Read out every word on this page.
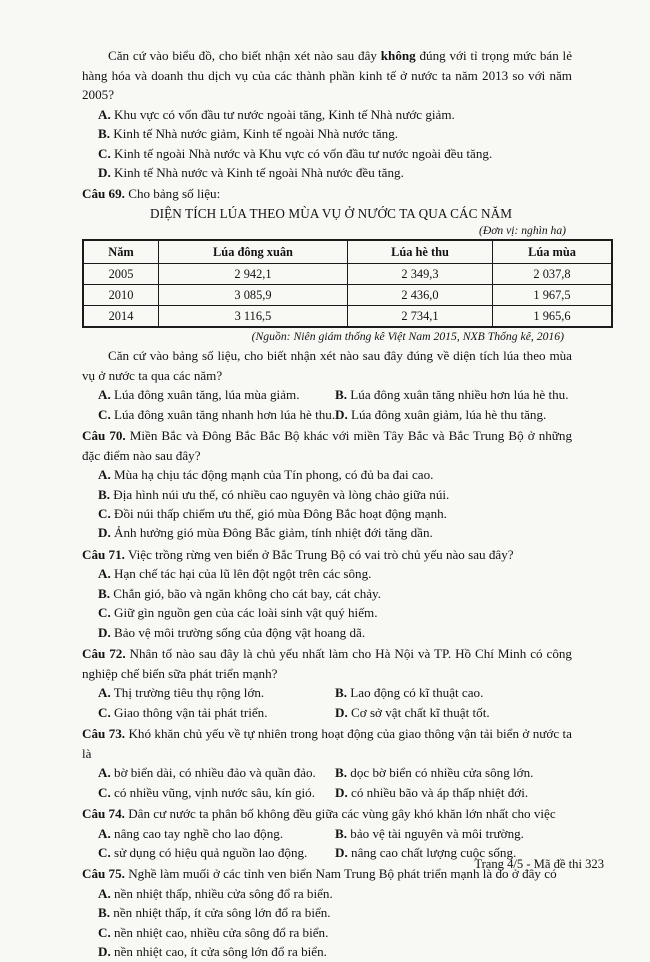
Căn cứ vào biểu đồ, cho biết nhận xét nào sau đây không đúng với tỉ trọng mức bán lẻ hàng hóa và doanh thu dịch vụ của các thành phần kinh tế ở nước ta năm 2013 so với năm 2005?

A. Khu vực có vốn đầu tư nước ngoài tăng, Kinh tế Nhà nước giảm.

B. Kinh tế Nhà nước giảm, Kinh tế ngoài Nhà nước tăng.

C. Kinh tế ngoài Nhà nước và Khu vực có vốn đầu tư nước ngoài đều tăng.

D. Kinh tế Nhà nước và Kinh tế ngoài Nhà nước đều tăng.

Câu 69. Cho bảng số liệu:

DIỆN TÍCH LÚA THEO MÙA VỤ Ở NƯỚC TA QUA CÁC NĂM

(Đơn vị: nghìn ha)

Năm	Lúa đông xuân	Lúa hè thu	Lúa mùa
2005	2 942,1	2 349,3	2 037,8
2010	3 085,9	2 436,0	1 967,5
2014	3 116,5	2 734,1	1 965,6

(Nguồn: Niên giám thống kê Việt Nam 2015, NXB Thống kê, 2016)

Căn cứ vào bảng số liệu, cho biết nhận xét nào sau đây đúng về diện tích lúa theo mùa vụ ở nước ta qua các năm?

A. Lúa đông xuân tăng, lúa mùa giảm.	B. Lúa đông xuân tăng nhiều hơn lúa hè thu.

C. Lúa đông xuân tăng nhanh hơn lúa hè thu. D. Lúa đông xuân giảm, lúa hè thu tăng.

Câu 70. Miền Bắc và Đông Bắc Bắc Bộ khác với miền Tây Bắc và Bắc Trung Bộ ở những đặc điểm nào sau đây?

A. Mùa hạ chịu tác động mạnh của Tín phong, có đủ ba đai cao.

B. Địa hình núi ưu thế, có nhiều cao nguyên và lòng chảo giữa núi.

C. Đồi núi thấp chiếm ưu thế, gió mùa Đông Bắc hoạt động mạnh.

D. Ảnh hưởng gió mùa Đông Bắc giảm, tính nhiệt đới tăng dần.

Câu 71. Việc trồng rừng ven biển ở Bắc Trung Bộ có vai trò chủ yếu nào sau đây?

A. Hạn chế tác hại của lũ lên đột ngột trên các sông.

B. Chắn gió, bão và ngăn không cho cát bay, cát chảy.

C. Giữ gìn nguồn gen của các loài sinh vật quý hiếm.

D. Bảo vệ môi trường sống của động vật hoang dã.

Câu 72. Nhân tố nào sau đây là chủ yếu nhất làm cho Hà Nội và TP. Hồ Chí Minh có công nghiệp chế biến sữa phát triển mạnh?

A. Thị trường tiêu thụ rộng lớn.	B. Lao động có kĩ thuật cao.

C. Giao thông vận tải phát triển.	D. Cơ sở vật chất kĩ thuật tốt.

Câu 73. Khó khăn chủ yếu về tự nhiên trong hoạt động của giao thông vận tải biển ở nước ta là

A. bờ biển dài, có nhiều đảo và quần đảo.	B. dọc bờ biển có nhiều cửa sông lớn.

C. có nhiều vũng, vịnh nước sâu, kín gió.	D. có nhiều bão và áp thấp nhiệt đới.

Câu 74. Dân cư nước ta phân bố không đều giữa các vùng gây khó khăn lớn nhất cho việc

A. nâng cao tay nghề cho lao động.	B. bảo vệ tài nguyên và môi trường.

C. sử dụng có hiệu quả nguồn lao động.	D. nâng cao chất lượng cuộc sống.

Câu 75. Nghề làm muối ở các tỉnh ven biển Nam Trung Bộ phát triển mạnh là do ở đây có

A. nền nhiệt thấp, nhiều cửa sông đổ ra biển.

B. nền nhiệt thấp, ít cửa sông lớn đổ ra biển.

C. nền nhiệt cao, nhiều cửa sông đổ ra biển.

D. nền nhiệt cao, ít cửa sông lớn đổ ra biển.

Trang 4/5 - Mã đề thi 323
